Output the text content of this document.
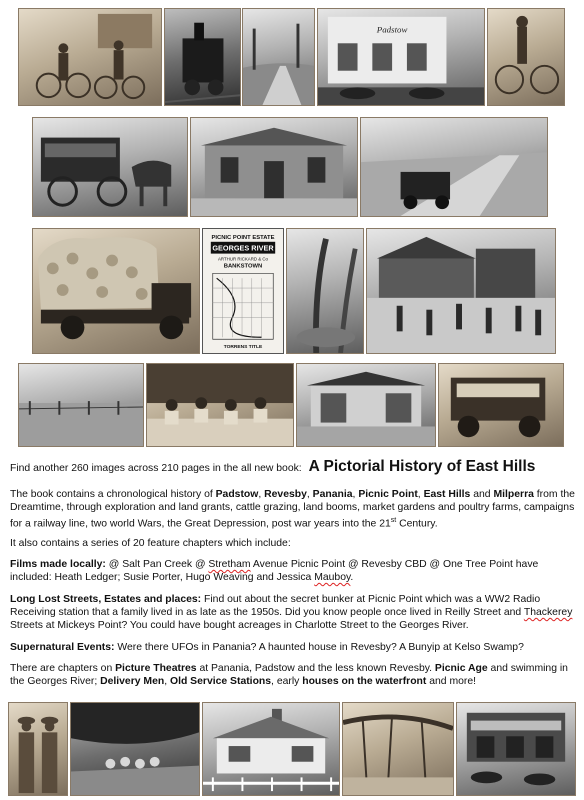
Padstow
PICNIC POINT ESTATE
GEORGES RIVER
ARTHUR RICKARD & Co
BANKSTOWN
TORRENS TITLE
Find another 260 images across 210 pages in the all new book: A Pictorial History of East Hills

The book contains a chronological history of Padstow, Revesby, Panania, Picnic Point, East Hills and Milperra from the Dreamtime, through exploration and land grants, cattle grazing, land booms, market gardens and poultry farms, campaigns for a railway line, two world Wars, the Great Depression, post war years into the 21st Century.

It also contains a series of 20 feature chapters which include:

Films made locally: @ Salt Pan Creek @ Stretham Avenue Picnic Point @ Revesby CBD @ One Tree Point have included: Heath Ledger; Susie Porter, Hugo Weaving and Jessica Mauboy.

Long Lost Streets, Estates and places: Find out about the secret bunker at Picnic Point which was a WW2 Radio Receiving station that a family lived in as late as the 1950s. Did you know people once lived in Reilly Street and Thackerey Streets at Mickeys Point? You could have bought acreages in Charlotte Street to the Georges River.

Supernatural Events: Were there UFOs in Panania? A haunted house in Revesby? A Bunyip at Kelso Swamp?

There are chapters on Picture Theatres at Panania, Padstow and the less known Revesby. Picnic Age and swimming in the Georges River; Delivery Men, Old Service Stations, early houses on the waterfront and more!
